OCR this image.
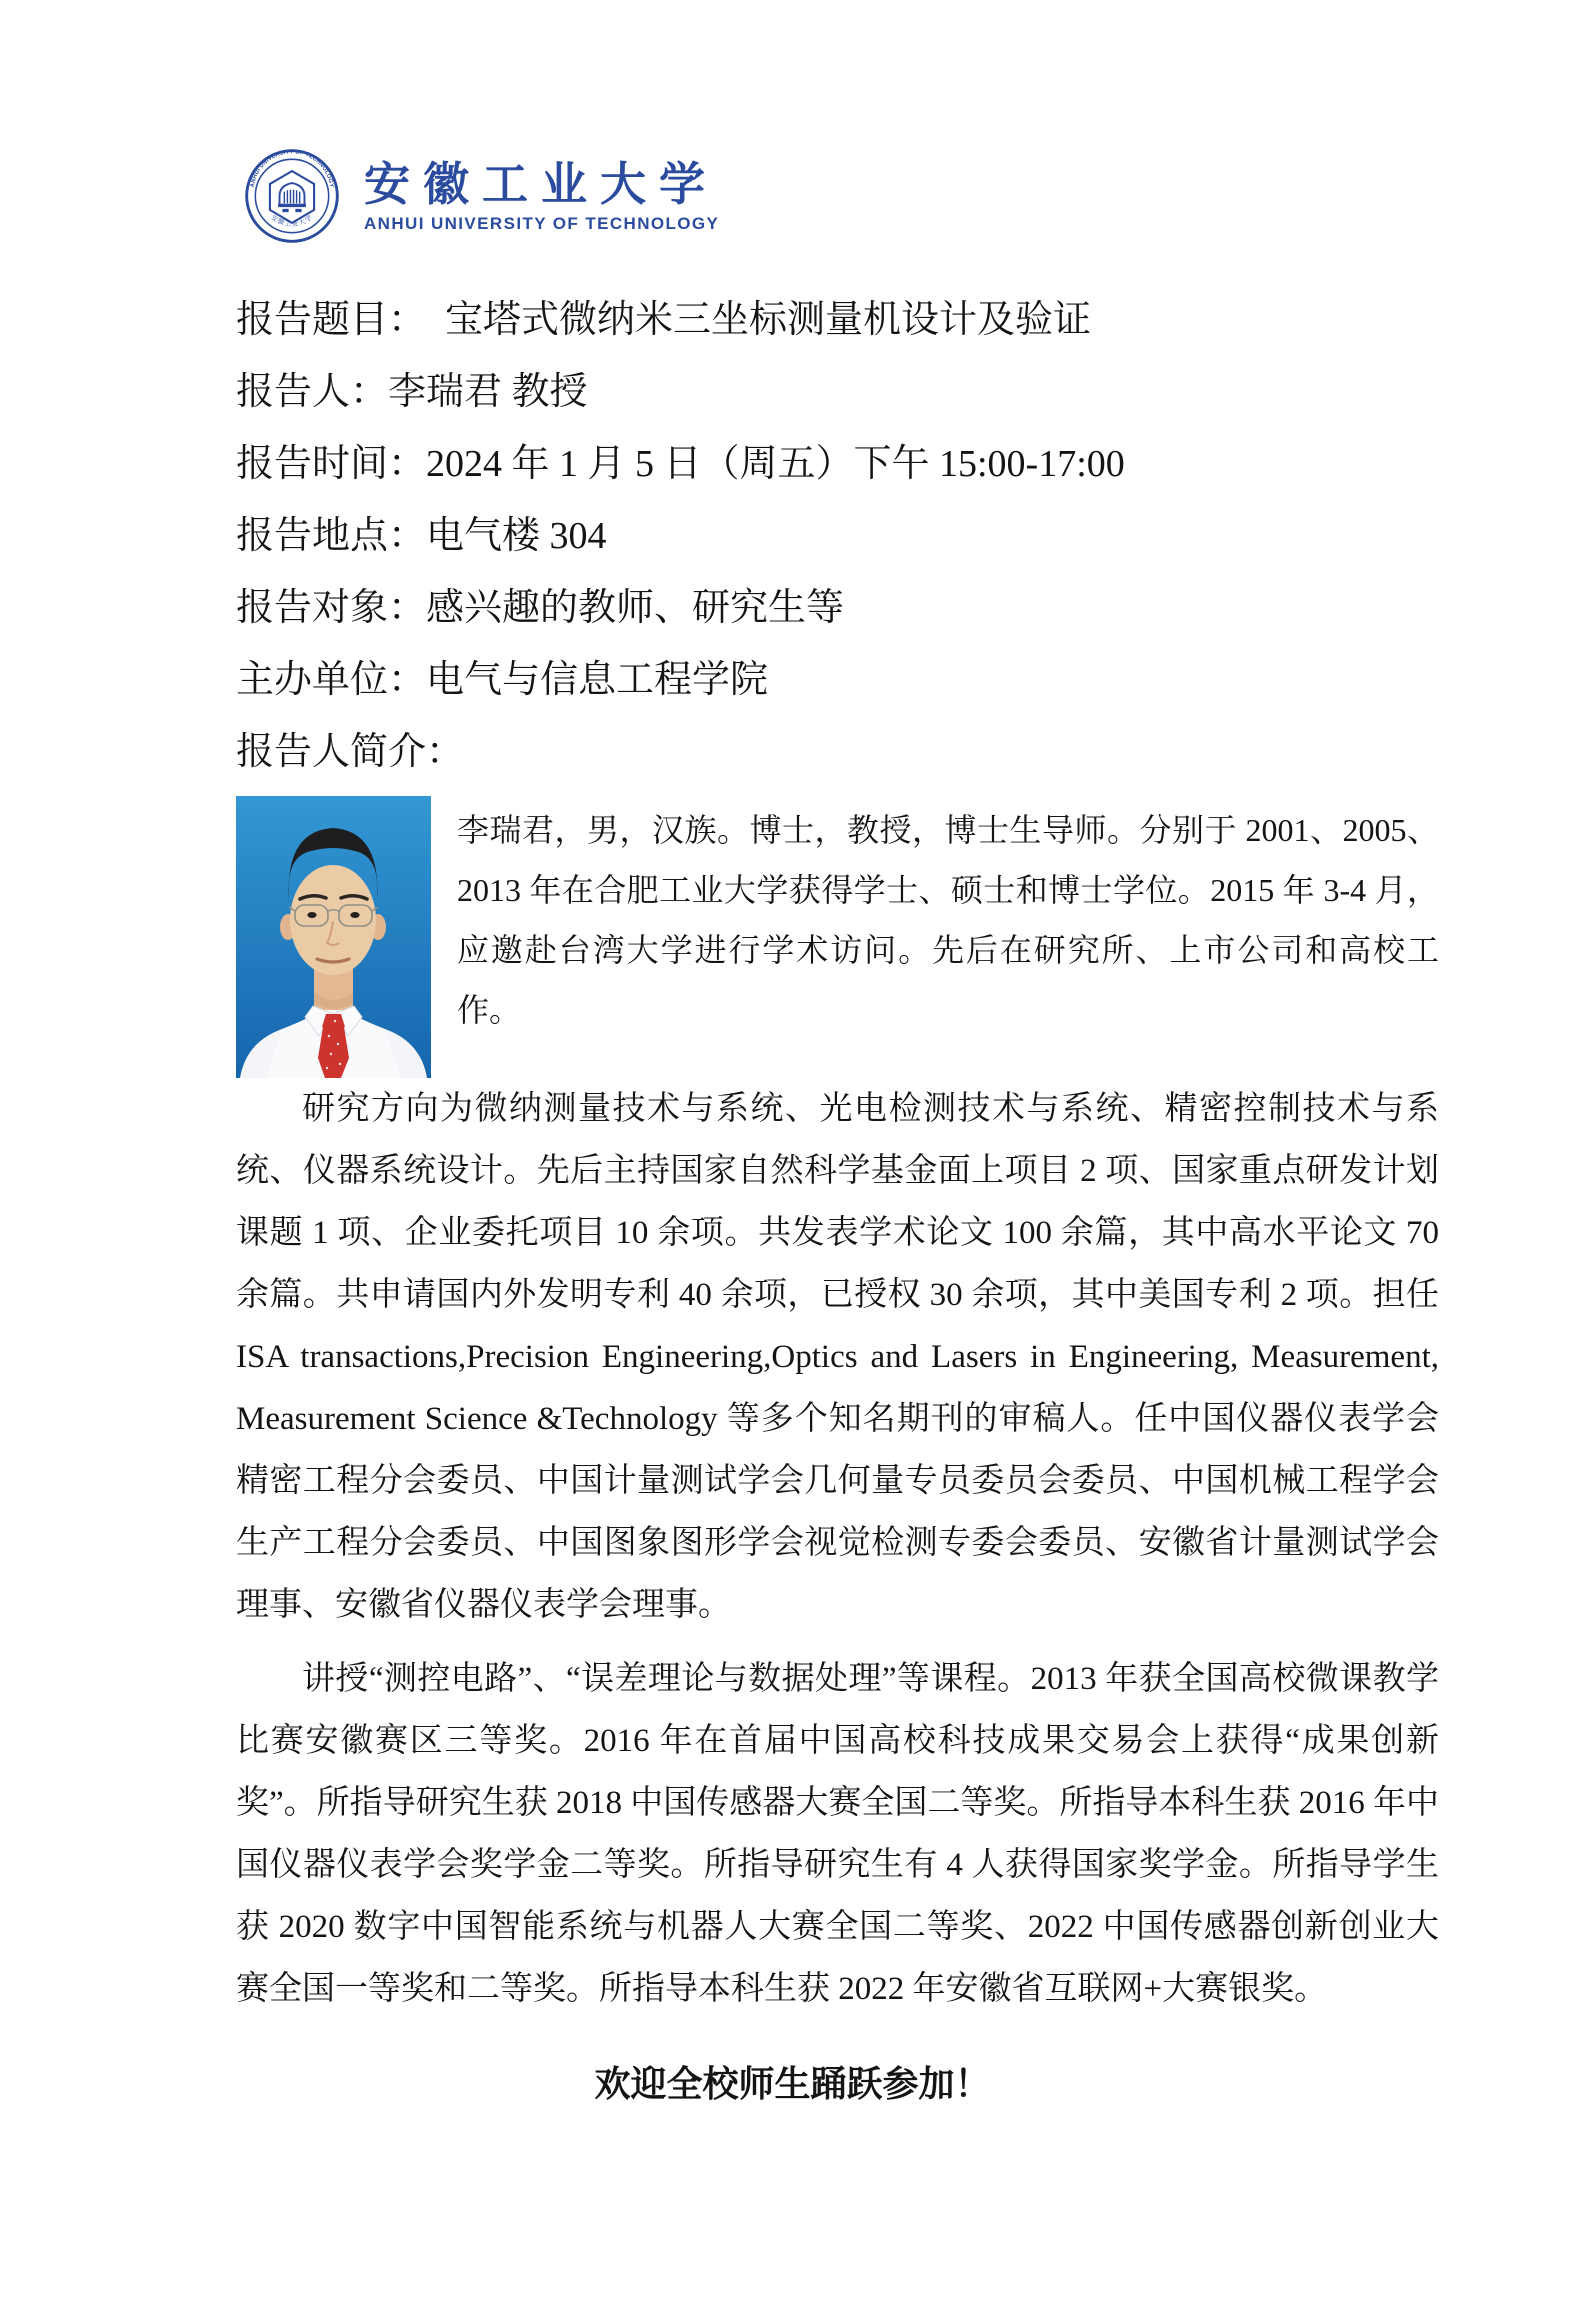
ANHUI UNIVERSITY OF TECHNOLOGY
安徽工业大学
安徽工业大学
ANHUI UNIVERSITY OF TECHNOLOGY
报告题目：  宝塔式微纳米三坐标测量机设计及验证
报告人：李瑞君 教授
报告时间：2024 年 1 月 5 日（周五）下午 15:00-17:00
报告地点：电气楼 304
报告对象：感兴趣的教师、研究生等
主办单位：电气与信息工程学院
报告人简介：

李瑞君，男，汉族。博士，教授，博士生导师。分别于 2001、2005、2013 年在合肥工业大学获得学士、硕士和博士学位。2015 年 3-4 月，应邀赴台湾大学进行学术访问。先后在研究所、上市公司和高校工作。

研究方向为微纳测量技术与系统、光电检测技术与系统、精密控制技术与系统、仪器系统设计。先后主持国家自然科学基金面上项目 2 项、国家重点研发计划课题 1 项、企业委托项目 10 余项。共发表学术论文 100 余篇，其中高水平论文 70 余篇。共申请国内外发明专利 40 余项，已授权 30 余项，其中美国专利 2 项。担任 ISA transactions,Precision Engineering,Optics and Lasers in Engineering, Measurement, Measurement Science &Technology 等多个知名期刊的审稿人。任中国仪器仪表学会精密工程分会委员、中国计量测试学会几何量专员委员会委员、中国机械工程学会生产工程分会委员、中国图象图形学会视觉检测专委会委员、安徽省计量测试学会理事、安徽省仪器仪表学会理事。

讲授“测控电路”、“误差理论与数据处理”等课程。2013 年获全国高校微课教学比赛安徽赛区三等奖。2016 年在首届中国高校科技成果交易会上获得“成果创新奖”。所指导研究生获 2018 中国传感器大赛全国二等奖。所指导本科生获 2016 年中国仪器仪表学会奖学金二等奖。所指导研究生有 4 人获得国家奖学金。所指导学生获 2020 数字中国智能系统与机器人大赛全国二等奖、2022 中国传感器创新创业大赛全国一等奖和二等奖。所指导本科生获 2022 年安徽省互联网+大赛银奖。

欢迎全校师生踊跃参加！
